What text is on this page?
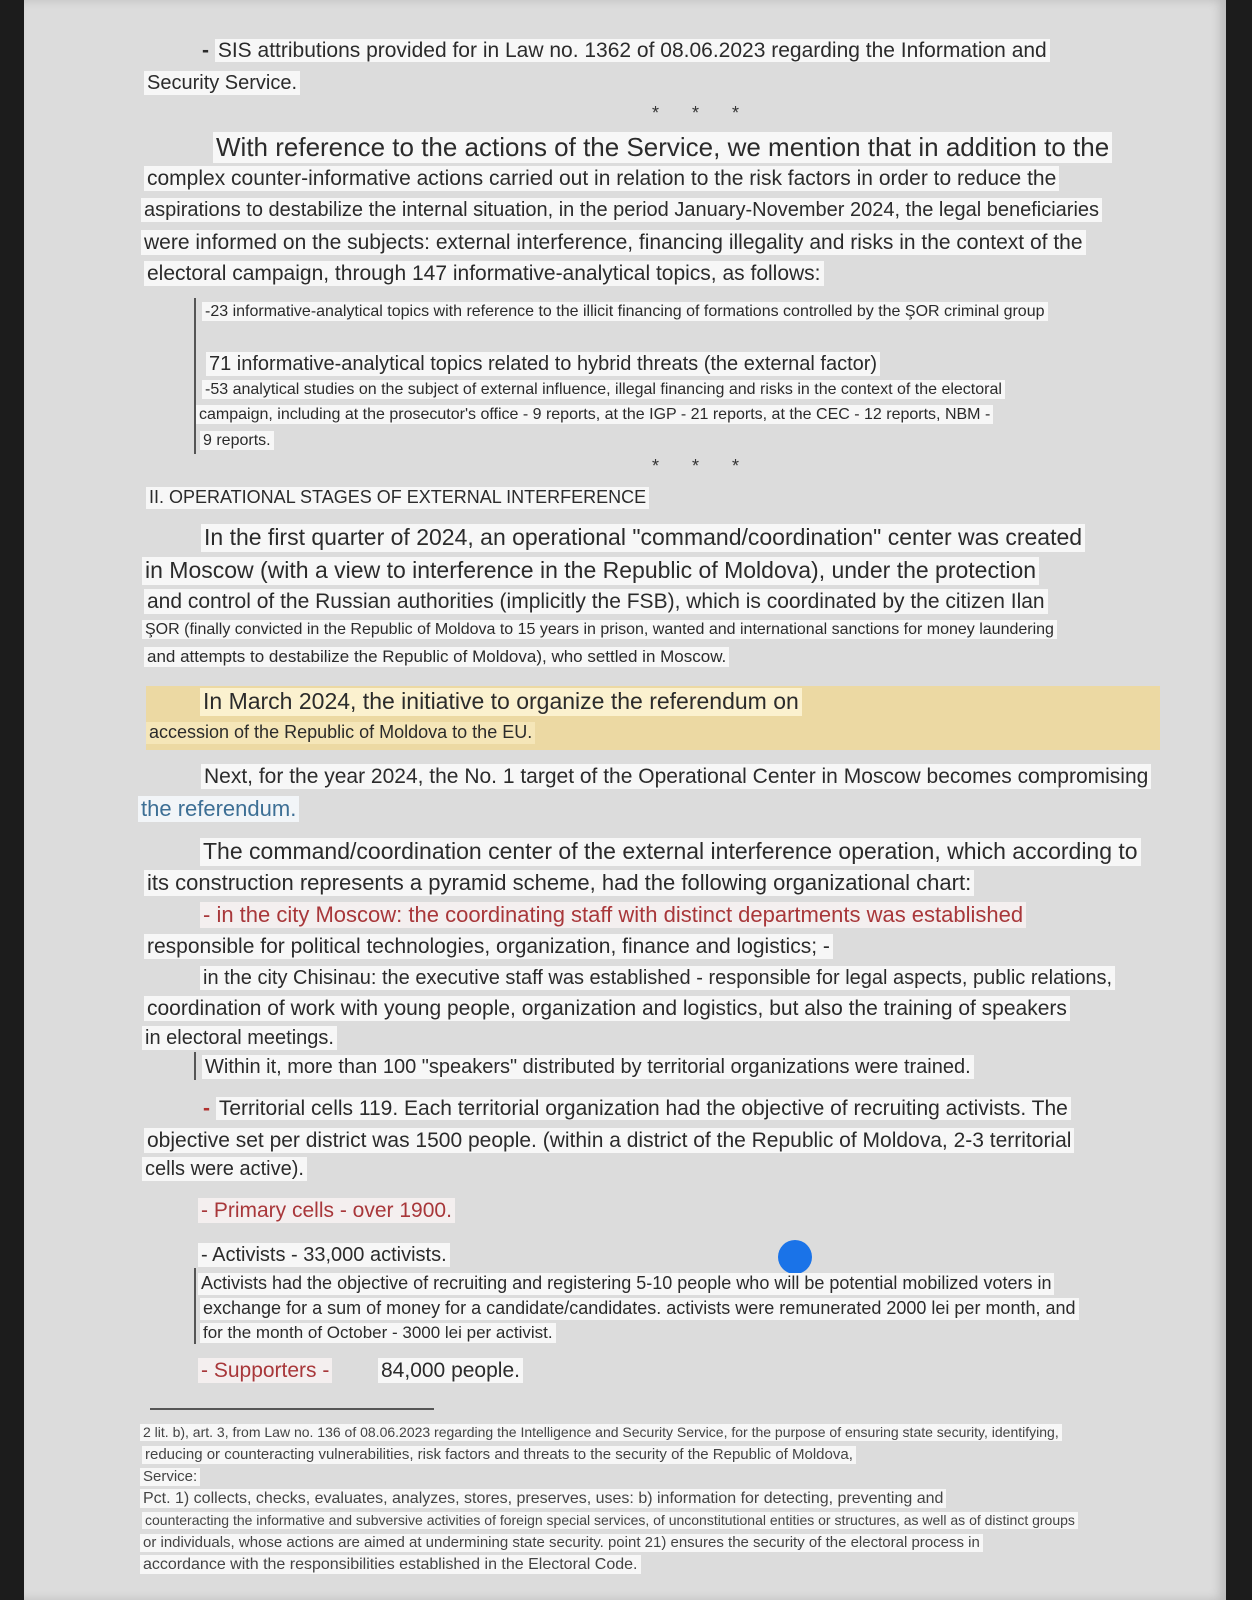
- SIS attributions provided for in Law no. 1362 of 08.06.2023 regarding the Information and
Security Service.
* * *
With reference to the actions of the Service, we mention that in addition to the
complex counter-informative actions carried out in relation to the risk factors in order to reduce the
aspirations to destabilize the internal situation, in the period January-November 2024, the legal beneficiaries
were informed on the subjects: external interference, financing illegality and risks in the context of the
electoral campaign, through 147 informative-analytical topics, as follows:
-23 informative-analytical topics with reference to the illicit financing of formations controlled by the ŞOR criminal group
71 informative-analytical topics related to hybrid threats (the external factor)
-53 analytical studies on the subject of external influence, illegal financing and risks in the context of the electoral
campaign, including at the prosecutor's office - 9 reports, at the IGP - 21 reports, at the CEC - 12 reports, NBM -
9 reports.
* * *
II. OPERATIONAL STAGES OF EXTERNAL INTERFERENCE
In the first quarter of 2024, an operational "command/coordination" center was created
in Moscow (with a view to interference in the Republic of Moldova), under the protection
and control of the Russian authorities (implicitly the FSB), which is coordinated by the citizen Ilan
ŞOR (finally convicted in the Republic of Moldova to 15 years in prison, wanted and international sanctions for money laundering
and attempts to destabilize the Republic of Moldova), who settled in Moscow.
In March 2024, the initiative to organize the referendum on
accession of the Republic of Moldova to the EU.
Next, for the year 2024, the No. 1 target of the Operational Center in Moscow becomes compromising
the referendum.
The command/coordination center of the external interference operation, which according to
its construction represents a pyramid scheme, had the following organizational chart:
- in the city Moscow: the coordinating staff with distinct departments was established
responsible for political technologies, organization, finance and logistics; -
in the city Chisinau: the executive staff was established - responsible for legal aspects, public relations,
coordination of work with young people, organization and logistics, but also the training of speakers
in electoral meetings.
Within it, more than 100 "speakers" distributed by territorial organizations were trained.
- Territorial cells 119. Each territorial organization had the objective of recruiting activists. The
objective set per district was 1500 people. (within a district of the Republic of Moldova, 2-3 territorial
cells were active).
- Primary cells - over 1900.
- Activists - 33,000 activists.
Activists had the objective of recruiting and registering 5-10 people who will be potential mobilized voters in
exchange for a sum of money for a candidate/candidates. activists were remunerated 2000 lei per month, and
for the month of October - 3000 lei per activist.
- Supporters - 84,000 people.
2 lit. b), art. 3, from Law no. 136 of 08.06.2023 regarding the Intelligence and Security Service, for the purpose of ensuring state security, identifying,
reducing or counteracting vulnerabilities, risk factors and threats to the security of the Republic of Moldova,
Service:
Pct. 1) collects, checks, evaluates, analyzes, stores, preserves, uses: b) information for detecting, preventing and
counteracting the informative and subversive activities of foreign special services, of unconstitutional entities or structures, as well as of distinct groups
or individuals, whose actions are aimed at undermining state security. point 21) ensures the security of the electoral process in
accordance with the responsibilities established in the Electoral Code.
